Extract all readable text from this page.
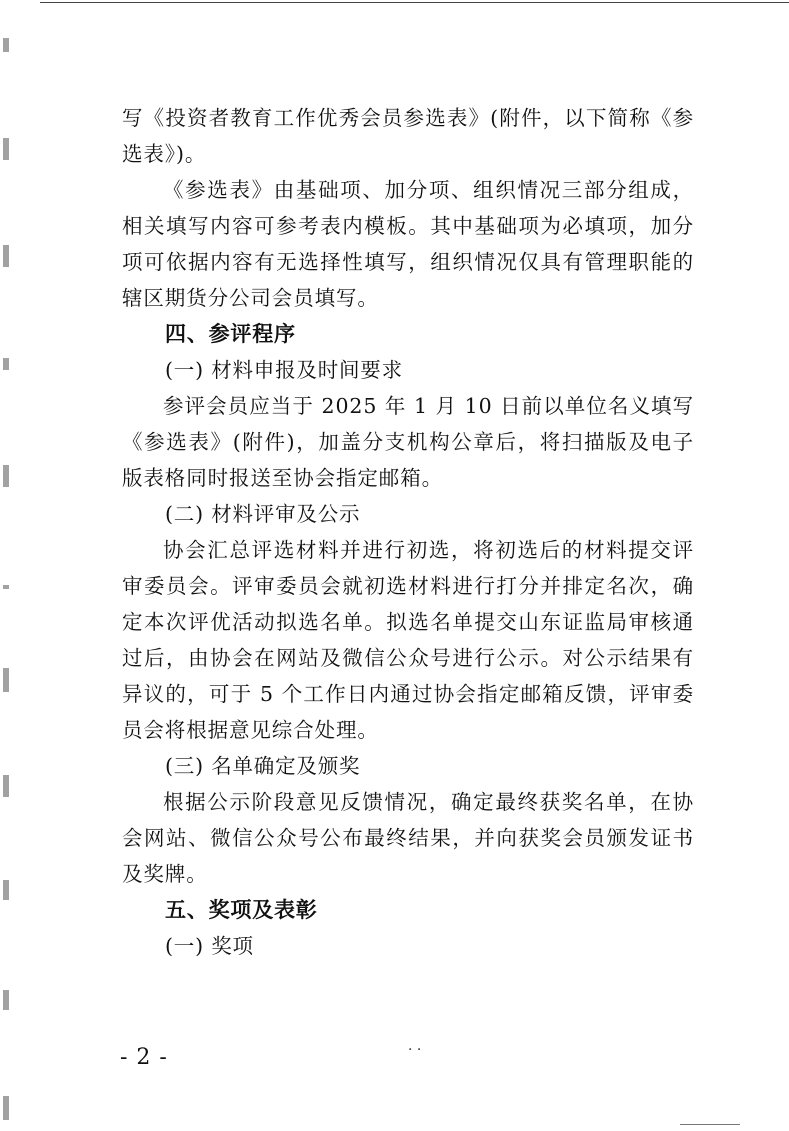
写《投资者教育工作优秀会员参选表》(附件，以下简称《参选表》)。

《参选表》由基础项、加分项、组织情况三部分组成，相关填写内容可参考表内模板。其中基础项为必填项，加分项可依据内容有无选择性填写，组织情况仅具有管理职能的辖区期货分公司会员填写。

四、参评程序

(一) 材料申报及时间要求

参评会员应当于 2025 年 1 月 10 日前以单位名义填写《参选表》(附件)，加盖分支机构公章后，将扫描版及电子版表格同时报送至协会指定邮箱。

(二) 材料评审及公示

协会汇总评选材料并进行初选，将初选后的材料提交评审委员会。评审委员会就初选材料进行打分并排定名次，确定本次评优活动拟选名单。拟选名单提交山东证监局审核通过后，由协会在网站及微信公众号进行公示。对公示结果有异议的，可于 5 个工作日内通过协会指定邮箱反馈，评审委员会将根据意见综合处理。

(三) 名单确定及颁奖

根据公示阶段意见反馈情况，确定最终获奖名单，在协会网站、微信公众号公布最终结果，并向获奖会员颁发证书及奖牌。

五、奖项及表彰

(一) 奖项

- 2 -	· ·
